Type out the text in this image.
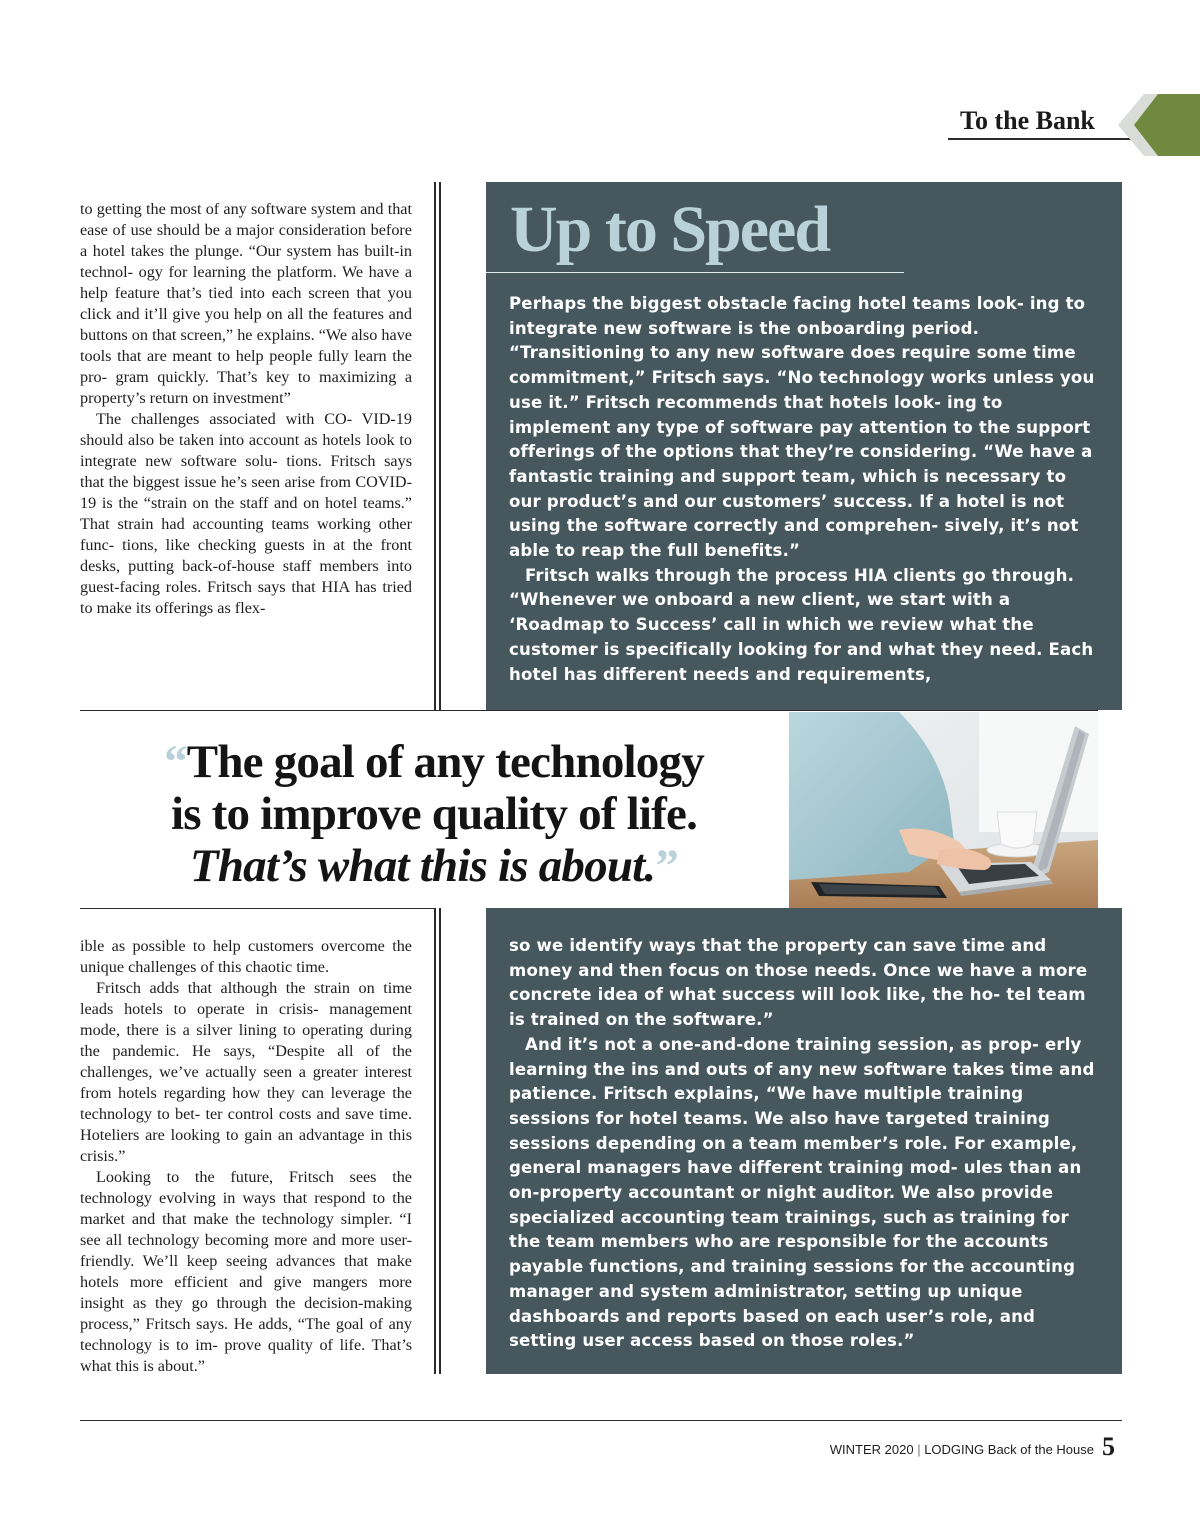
To the Bank

to getting the most of any software system and that ease of use should be a major consideration before a hotel takes the plunge. “Our system has built-in technol- ogy for learning the platform. We have a help feature that’s tied into each screen that you click and it’ll give you help on all the features and buttons on that screen,” he explains. “We also have tools that are meant to help people fully learn the pro- gram quickly. That’s key to maximizing a property’s return on investment”

The challenges associated with CO- VID-19 should also be taken into account as hotels look to integrate new software solu- tions. Fritsch says that the biggest issue he’s seen arise from COVID-19 is the “strain on the staff and on hotel teams.” That strain had accounting teams working other func- tions, like checking guests in at the front desks, putting back-of-house staff members into guest-facing roles. Fritsch says that HIA has tried to make its offerings as flex-

Up to Speed

Perhaps the biggest obstacle facing hotel teams look- ing to integrate new software is the onboarding period. “Transitioning to any new software does require some time commitment,” Fritsch says. “No technology works unless you use it.” Fritsch recommends that hotels look- ing to implement any type of software pay attention to the support offerings of the options that they’re considering. “We have a fantastic training and support team, which is necessary to our product’s and our customers’ success. If a hotel is not using the software correctly and comprehen- sively, it’s not able to reap the full benefits.”

Fritsch walks through the process HIA clients go through. “Whenever we onboard a new client, we start with a ‘Roadmap to Success’ call in which we review what the customer is specifically looking for and what they need. Each hotel has different needs and requirements,

“The goal of any technology
is to improve quality of life.
That’s what this is about.”

ible as possible to help customers overcome the unique challenges of this chaotic time.

Fritsch adds that although the strain on time leads hotels to operate in crisis- management mode, there is a silver lining to operating during the pandemic. He says, “Despite all of the challenges, we’ve actually seen a greater interest from hotels regarding how they can leverage the technology to bet- ter control costs and save time. Hoteliers are looking to gain an advantage in this crisis.”

Looking to the future, Fritsch sees the technology evolving in ways that respond to the market and that make the technology simpler. “I see all technology becoming more and more user-friendly. We’ll keep seeing advances that make hotels more efficient and give mangers more insight as they go through the decision-making process,” Fritsch says. He adds, “The goal of any technology is to im- prove quality of life. That’s what this is about.”

so we identify ways that the property can save time and money and then focus on those needs. Once we have a more concrete idea of what success will look like, the ho- tel team is trained on the software.”

And it’s not a one-and-done training session, as prop- erly learning the ins and outs of any new software takes time and patience. Fritsch explains, “We have multiple training sessions for hotel teams. We also have targeted training sessions depending on a team member’s role. For example, general managers have different training mod- ules than an on-property accountant or night auditor. We also provide specialized accounting team trainings, such as training for the team members who are responsible for the accounts payable functions, and training sessions for the accounting manager and system administrator, setting up unique dashboards and reports based on each user’s role, and setting user access based on those roles.”

WINTER 2020 | LODGING Back of the House 5
